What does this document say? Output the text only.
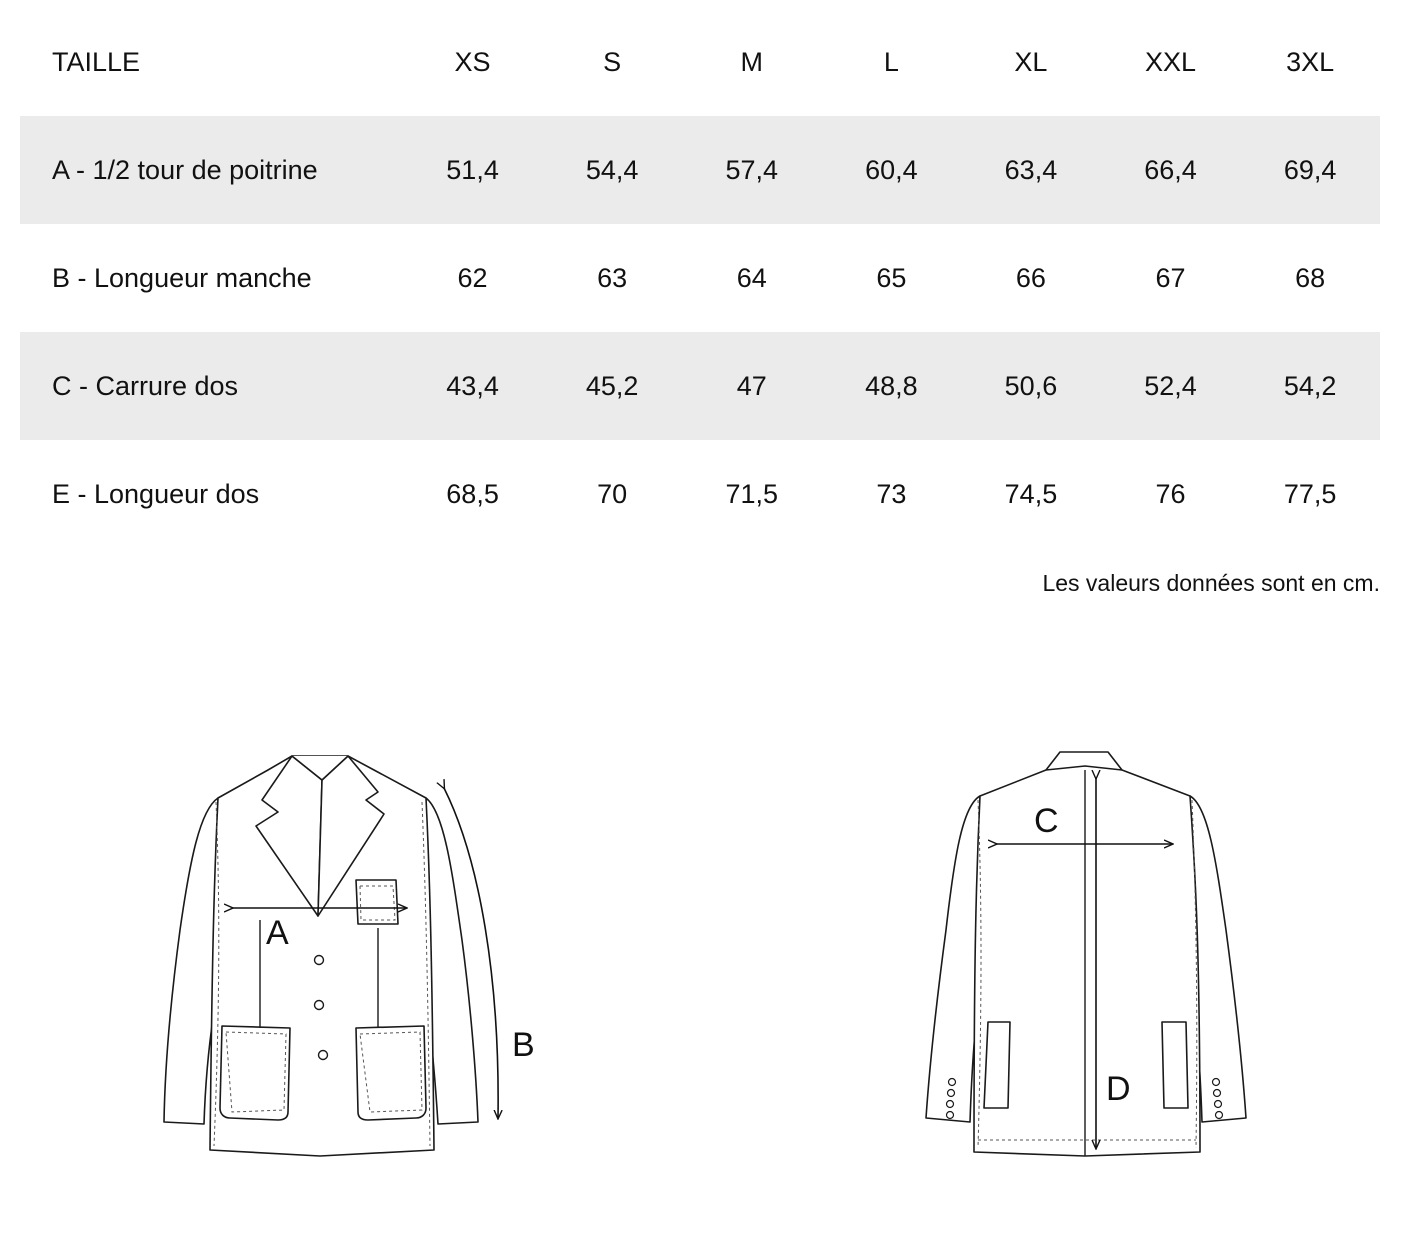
TAILLE	XS	S	M	L	XL	XXL	3XL
A - 1/2 tour de poitrine	51,4	54,4	57,4	60,4	63,4	66,4	69,4
B - Longueur manche	62	63	64	65	66	67	68
C - Carrure dos	43,4	45,2	47	48,8	50,6	52,4	54,2
E - Longueur dos	68,5	70	71,5	73	74,5	76	77,5
Les valeurs données sont en cm.
A
B
C
D
